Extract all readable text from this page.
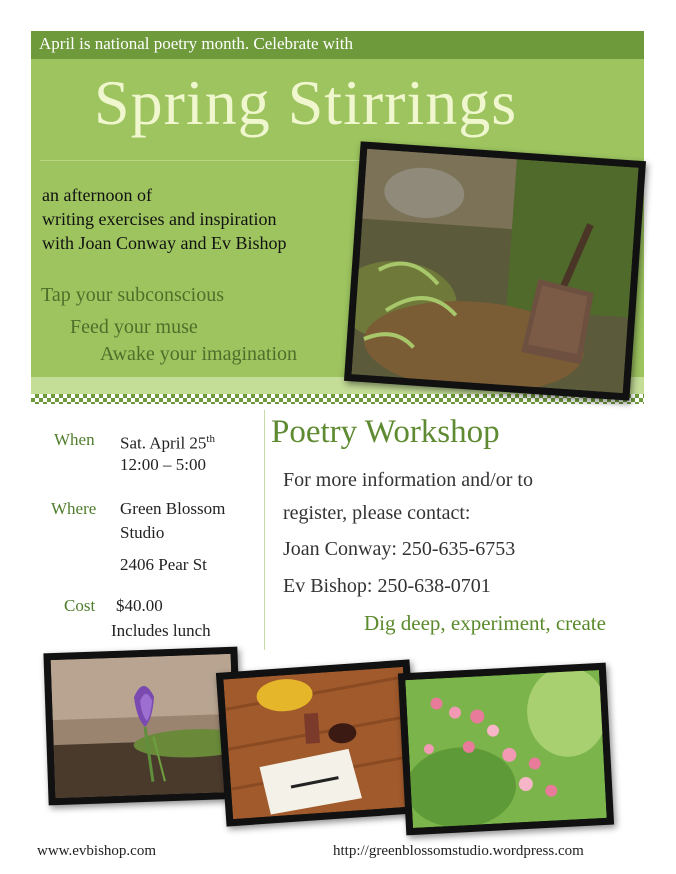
April is national poetry month. Celebrate with
Spring Stirrings
an afternoon of
writing exercises and inspiration
with Joan Conway and Ev Bishop
Tap your subconscious
Feed your muse
Awake your imagination
When Sat. April 25th
12:00 – 5:00
Where Green Blossom
Studio
2406 Pear St
Cost $40.00
Includes lunch
Poetry Workshop
For more information and/or to
register, please contact:
Joan Conway: 250-635-6753
Ev Bishop: 250-638-0701
Dig deep, experiment, create
www.evbishop.com	http://greenblossomstudio.wordpress.com
